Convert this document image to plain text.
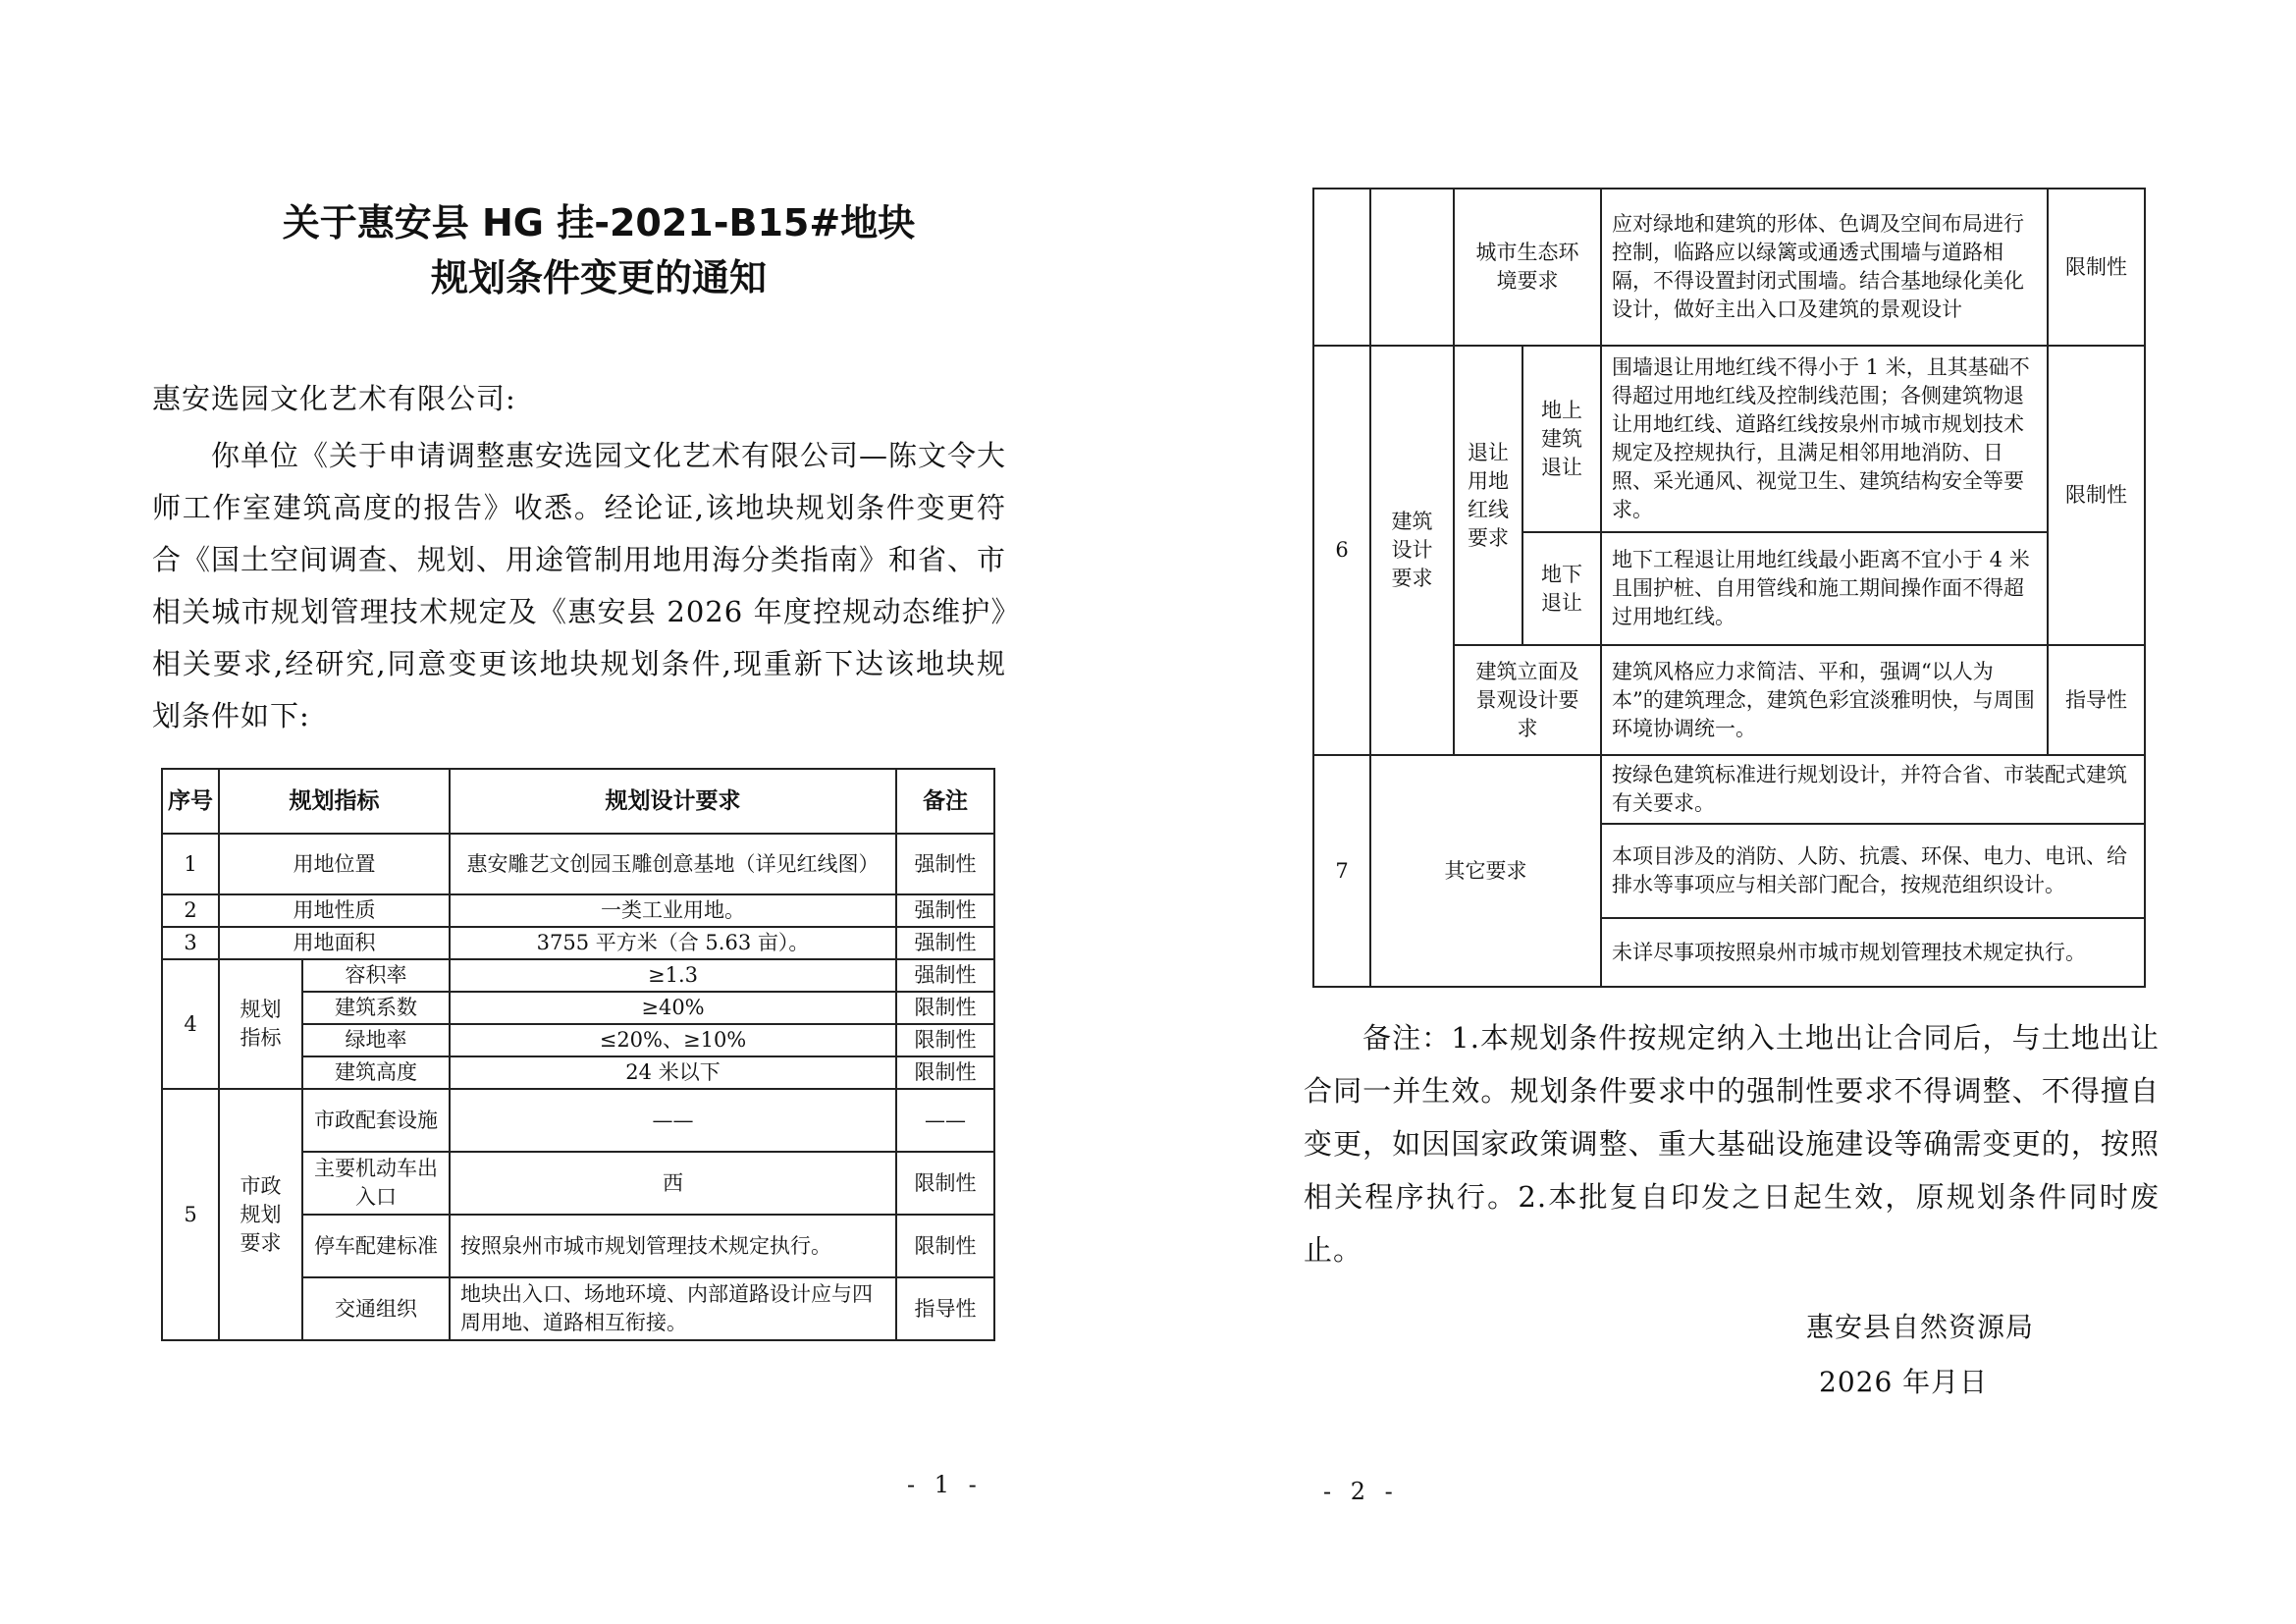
关于惠安县 HG 挂-2021-B15#地块
规划条件变更的通知
惠安选园文化艺术有限公司:
你单位《关于申请调整惠安选园文化艺术有限公司—陈文令大师工作室建筑高度的报告》收悉。经论证,该地块规划条件变更符合《国土空间调查、规划、用途管制用地用海分类指南》和省、市相关城市规划管理技术规定及《惠安县 2026 年度控规动态维护》相关要求,经研究,同意变更该地块规划条件,现重新下达该地块规划条件如下:
序号	规划指标		规划设计要求	备注
1	用地位置		惠安雕艺文创园玉雕创意基地（详见红线图）	强制性
2	用地性质		一类工业用地。	强制性
3	用地面积		3755 平方米（合 5.63 亩）。	强制性
4	规划指标	容积率	≥1.3	强制性
		建筑系数	≥40%	限制性
		绿地率	≤20%、≥10%	限制性
		建筑高度	24 米以下	限制性
5	市政规划要求	市政配套设施	——	——
		主要机动车出入口	西	限制性
		停车配建标准	按照泉州市城市规划管理技术规定执行。	限制性
		交通组织	地块出入口、场地环境、内部道路设计应与四周用地、道路相互衔接。	指导性
- 1 -
		城市生态环境要求		应对绿地和建筑的形体、色调及空间布局进行控制，临路应以绿篱或通透式围墙与道路相隔，不得设置封闭式围墙。结合基地绿化美化设计，做好主出入口及建筑的景观设计	限制性
6	建筑设计要求	退让用地红线要求	地上建筑退让	围墙退让用地红线不得小于 1 米，且其基础不得超过用地红线及控制线范围；各侧建筑物退让用地红线、道路红线按泉州市城市规划技术规定及控规执行，且满足相邻用地消防、日照、采光通风、视觉卫生、建筑结构安全等要求。	限制性
			地下退让	地下工程退让用地红线最小距离不宜小于 4 米且围护桩、自用管线和施工期间操作面不得超过用地红线。	
		建筑立面及景观设计要求		建筑风格应力求简洁、平和，强调“以人为本”的建筑理念，建筑色彩宜淡雅明快，与周围环境协调统一。	指导性
7	其它要求			按绿色建筑标准进行规划设计，并符合省、市装配式建筑有关要求。	
				本项目涉及的消防、人防、抗震、环保、电力、电讯、给排水等事项应与相关部门配合，按规范组织设计。	
				未详尽事项按照泉州市城市规划管理技术规定执行。	
备注：1.本规划条件按规定纳入土地出让合同后，与土地出让合同一并生效。规划条件要求中的强制性要求不得调整、不得擅自变更，如因国家政策调整、重大基础设施建设等确需变更的，按照相关程序执行。2.本批复自印发之日起生效，原规划条件同时废止。
惠安县自然资源局
2026 年月日
- 2 -
